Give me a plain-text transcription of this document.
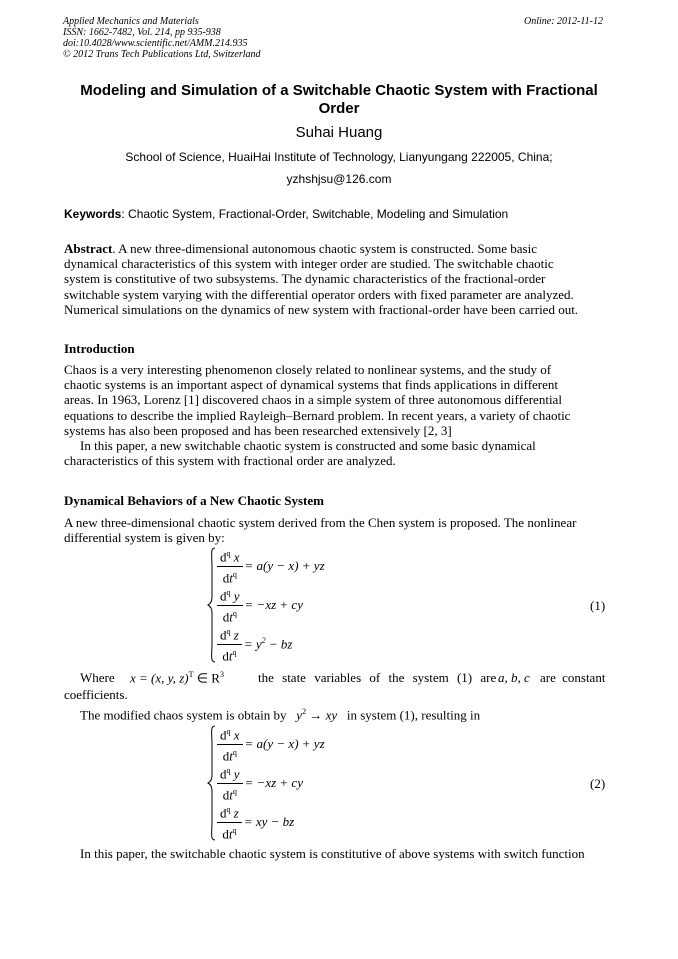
Applied Mechanics and Materials
ISSN: 1662-7482, Vol. 214, pp 935-938
doi:10.4028/www.scientific.net/AMM.214.935
© 2012 Trans Tech Publications Ltd, Switzerland
Online: 2012-11-12
Modeling and Simulation of a Switchable Chaotic System with Fractional Order
Suhai Huang
School of Science, HuaiHai Institute of Technology, Lianyungang 222005, China;
yzhshjsu@126.com
Keywords: Chaotic System, Fractional-Order, Switchable, Modeling and Simulation
Abstract. A new three-dimensional autonomous chaotic system is constructed. Some basic
dynamical characteristics of this system with integer order are studied. The switchable chaotic
system is constitutive of two subsystems. The dynamic characteristics of the fractional-order
switchable system varying with the differential operator orders with fixed parameter are analyzed.
Numerical simulations on the dynamics of new system with fractional-order have been carried out.
Introduction
Chaos is a very interesting phenomenon closely related to nonlinear systems, and the study of
chaotic systems is an important aspect of dynamical systems that finds applications in different
areas. In 1963, Lorenz [1] discovered chaos in a simple system of three autonomous differential
equations to describe the implied Rayleigh–Bernard problem. In recent years, a variety of chaotic
systems has also been proposed and has been researched extensively [2, 3]
In this paper, a new switchable chaotic system is constructed and some basic dynamical
characteristics of this system with fractional order are analyzed.
Dynamical Behaviors of a New Chaotic System
A new three-dimensional chaotic system derived from the Chen system is proposed. The nonlinear
differential system is given by:
$\frac{d^q x}{dt^q} = a(y - x)$ + yz
$\frac{d^q y}{dt^q} = -xz$ + cy
$\frac{d^q z}{dt^q} = y^2$ − bz
(1)
Where x = (x, y, z)$^T$ ∈ $R^3$	the state variables of the system (1) are a, b, c are constant
coefficients.
The modified chaos system is obtain by $y^2$ → xy in system (1), resulting in
$\frac{d^q x}{dt^q} = a(y - x)$ + yz
$\frac{d^q y}{dt^q} = -xz$ + cy
$\frac{d^q z}{dt^q}$ = xy − bz
(2)
In this paper, the switchable chaotic system is constitutive of above systems with switch function
